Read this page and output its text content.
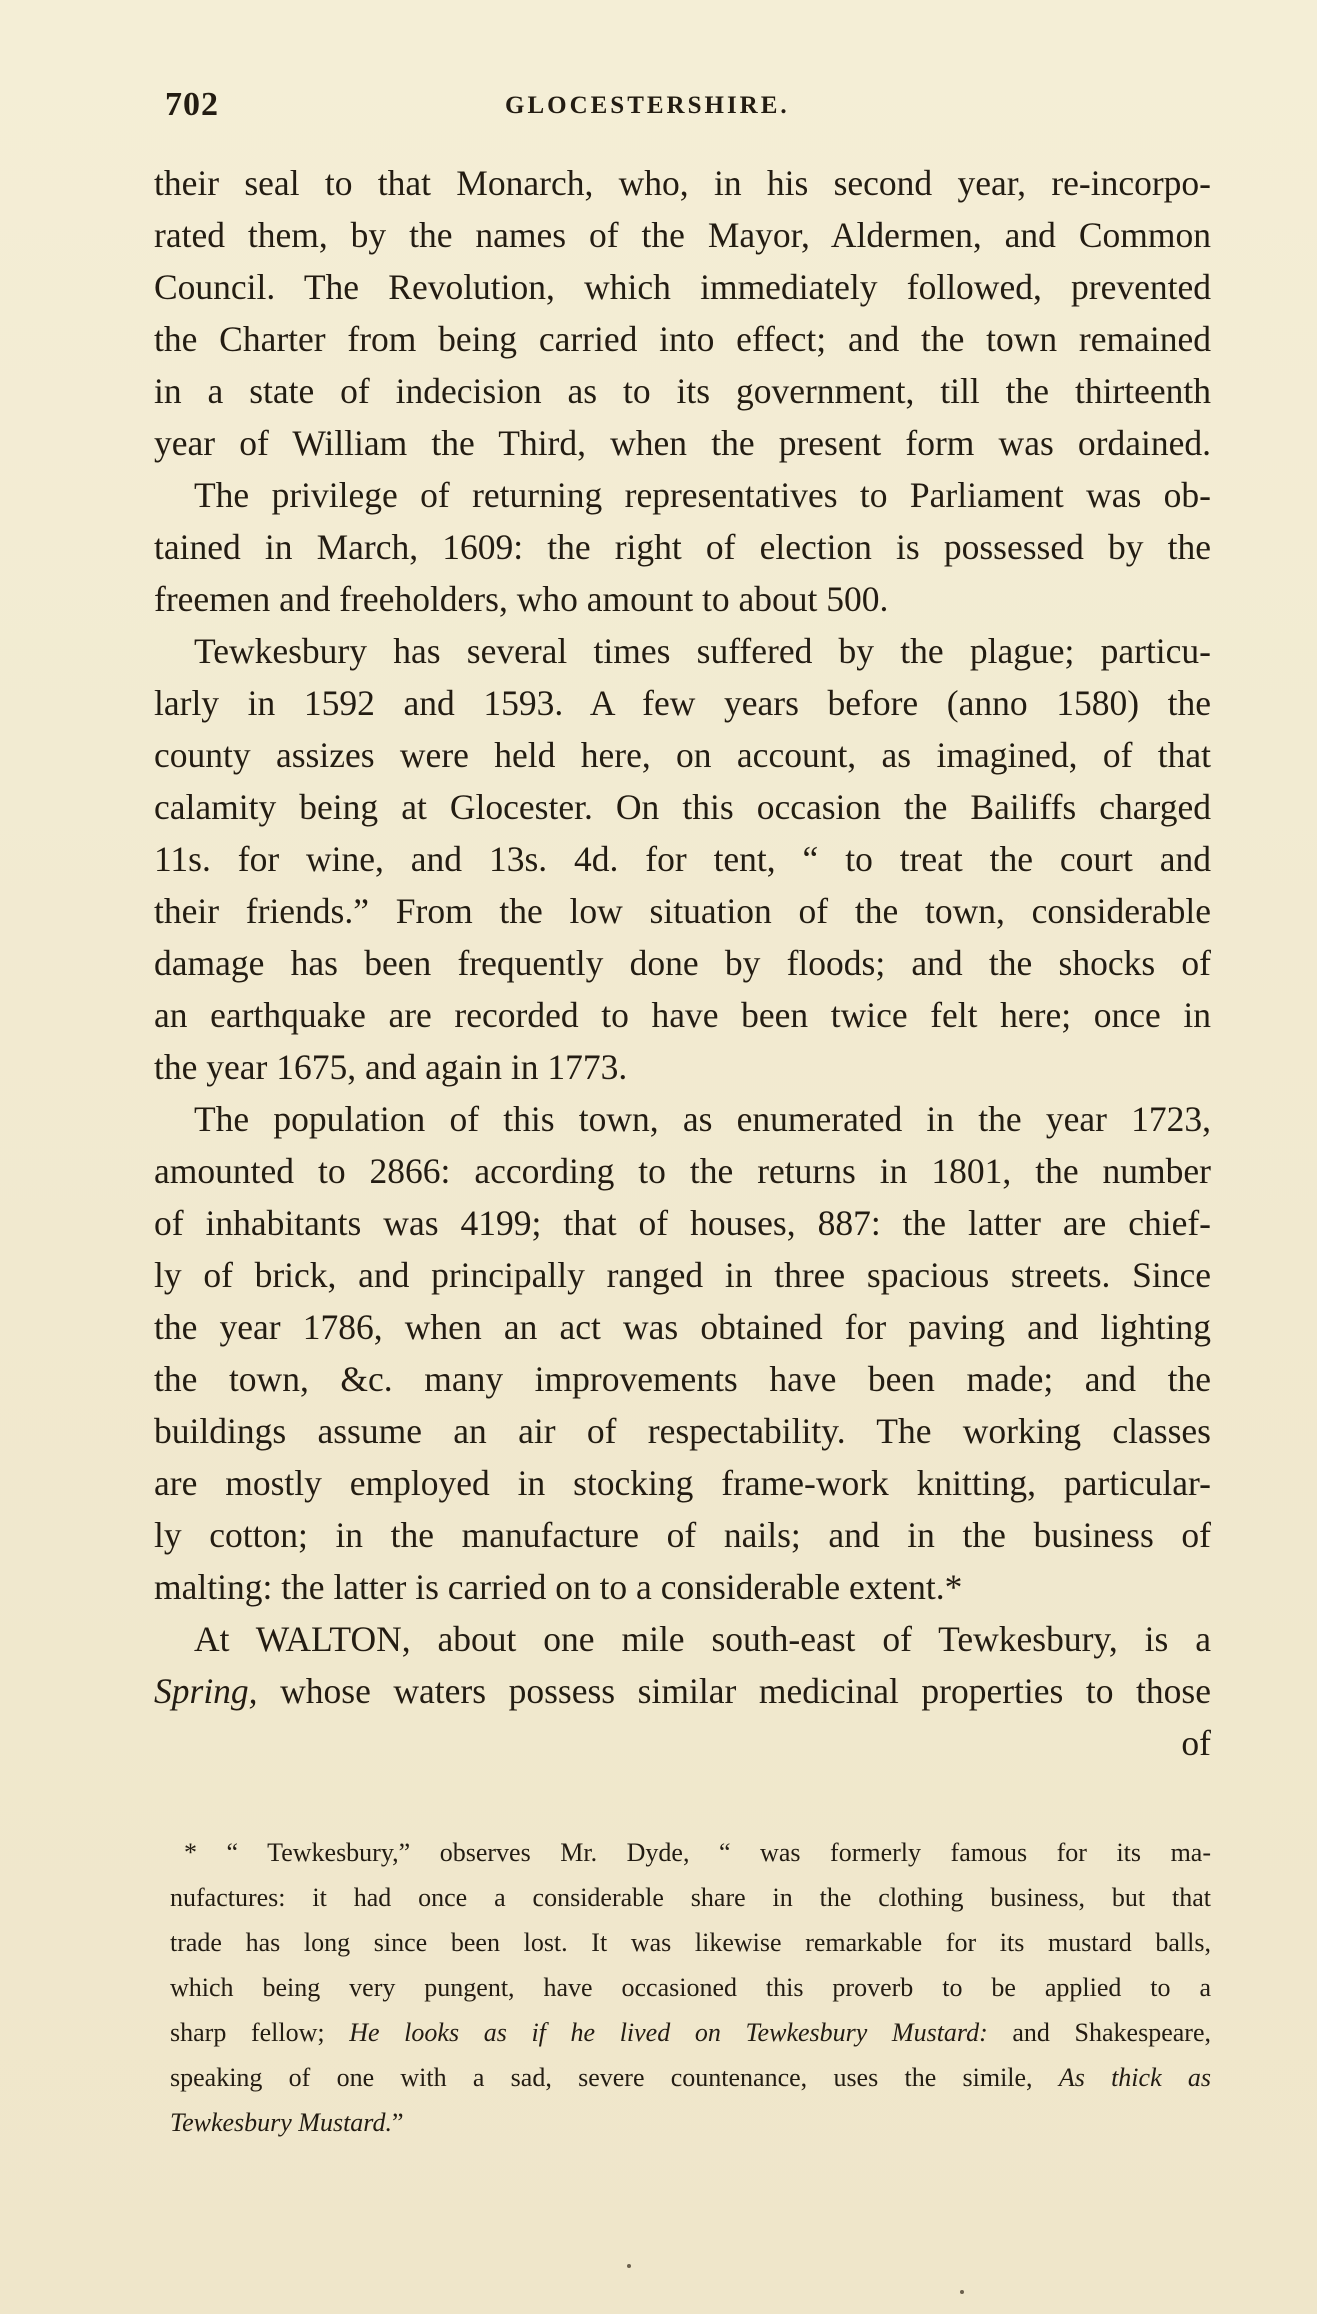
702	GLOCESTERSHIRE.
their seal to that Monarch, who, in his second year, re-incorpo-
rated them, by the names of the Mayor, Aldermen, and Common
Council. The Revolution, which immediately followed, prevented
the Charter from being carried into effect; and the town remained
in a state of indecision as to its government, till the thirteenth
year of William the Third, when the present form was ordained.
The privilege of returning representatives to Parliament was ob-
tained in March, 1609: the right of election is possessed by the
freemen and freeholders, who amount to about 500.
Tewkesbury has several times suffered by the plague; particu-
larly in 1592 and 1593. A few years before (anno 1580) the
county assizes were held here, on account, as imagined, of that
calamity being at Glocester. On this occasion the Bailiffs charged
11s. for wine, and 13s. 4d. for tent, “ to treat the court and
their friends.” From the low situation of the town, considerable
damage has been frequently done by floods; and the shocks of
an earthquake are recorded to have been twice felt here; once in
the year 1675, and again in 1773.
The population of this town, as enumerated in the year 1723,
amounted to 2866: according to the returns in 1801, the number
of inhabitants was 4199; that of houses, 887: the latter are chief-
ly of brick, and principally ranged in three spacious streets. Since
the year 1786, when an act was obtained for paving and lighting
the town, &c. many improvements have been made; and the
buildings assume an air of respectability. The working classes
are mostly employed in stocking frame-work knitting, particular-
ly cotton; in the manufacture of nails; and in the business of
malting: the latter is carried on to a considerable extent.*
At WALTON, about one mile south-east of Tewkesbury, is a
Spring, whose waters possess similar medicinal properties to those
of
* “ Tewkesbury,” observes Mr. Dyde, “ was formerly famous for its ma-
nufactures: it had once a considerable share in the clothing business, but that
trade has long since been lost. It was likewise remarkable for its mustard balls,
which being very pungent, have occasioned this proverb to be applied to a
sharp fellow; He looks as if he lived on Tewkesbury Mustard: and Shakespeare,
speaking of one with a sad, severe countenance, uses the simile, As thick as
Tewkesbury Mustard.”
